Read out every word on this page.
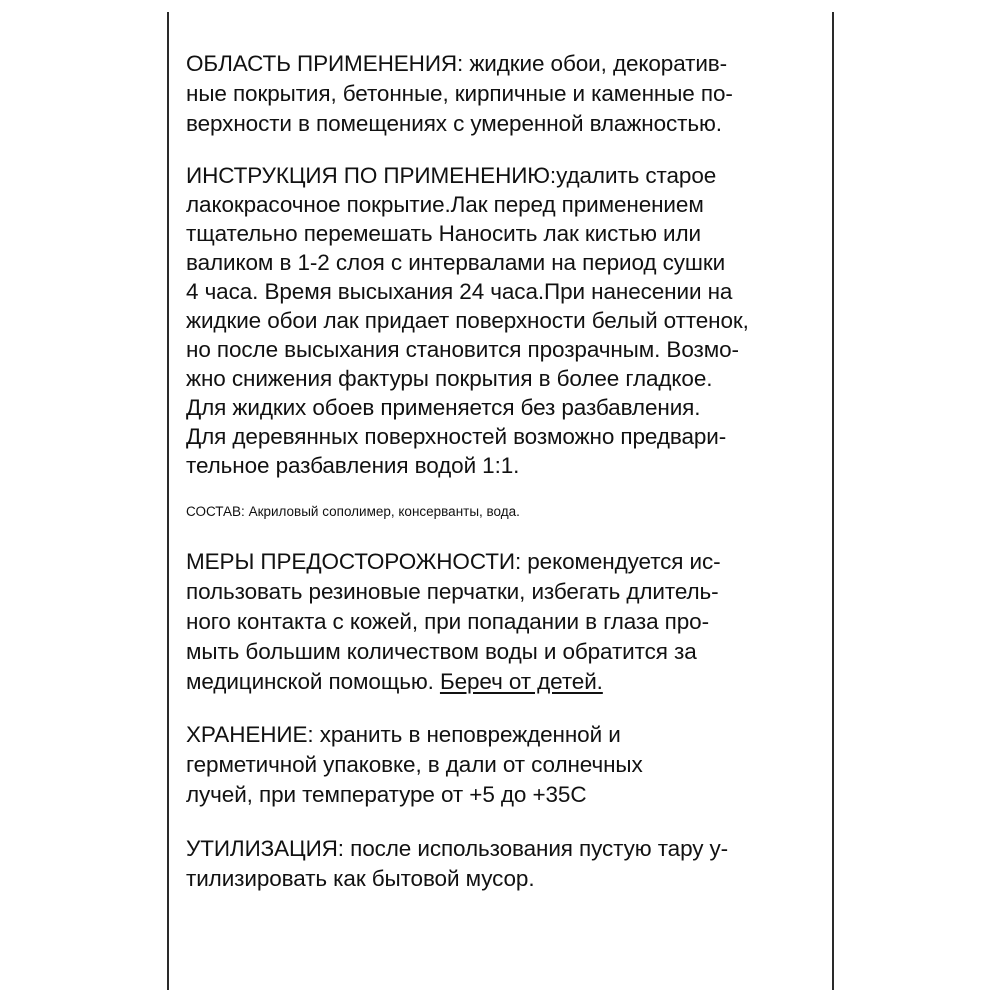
ОБЛАСТЬ ПРИМЕНЕНИЯ: жидкие обои, декоратив-

ные покрытия, бетонные, кирпичные и каменные по-

верхности в помещениях с умеренной влажностью.

ИНСТРУКЦИЯ ПО ПРИМЕНЕНИЮ:удалить старое

лакокрасочное покрытие.Лак перед применением

тщательно перемешать Наносить лак кистью или

валиком в 1-2 слоя с интервалами на период сушки

4 часа. Время высыхания 24 часа.При нанесении на

жидкие обои лак придает поверхности белый оттенок,

но после высыхания становится прозрачным. Возмо-

жно снижения фактуры покрытия в более гладкое.

Для жидких обоев применяется без разбавления.

Для деревянных поверхностей возможно предвари-

тельное разбавления водой 1:1.

СОСТАВ: Акриловый сополимер, консерванты, вода.

МЕРЫ ПРЕДОСТОРОЖНОСТИ: рекомендуется ис-

пользовать резиновые перчатки, избегать длитель-

ного контакта с кожей, при попадании в глаза про-

мыть большим количеством воды и обратится за

медицинской помощью. Береч от детей.

ХРАНЕНИЕ: хранить в неповрежденной и

герметичной упаковке, в дали от солнечных

лучей, при температуре от +5 до +35С

УТИЛИЗАЦИЯ: после использования пустую тару у-

тилизировать как бытовой мусор.
